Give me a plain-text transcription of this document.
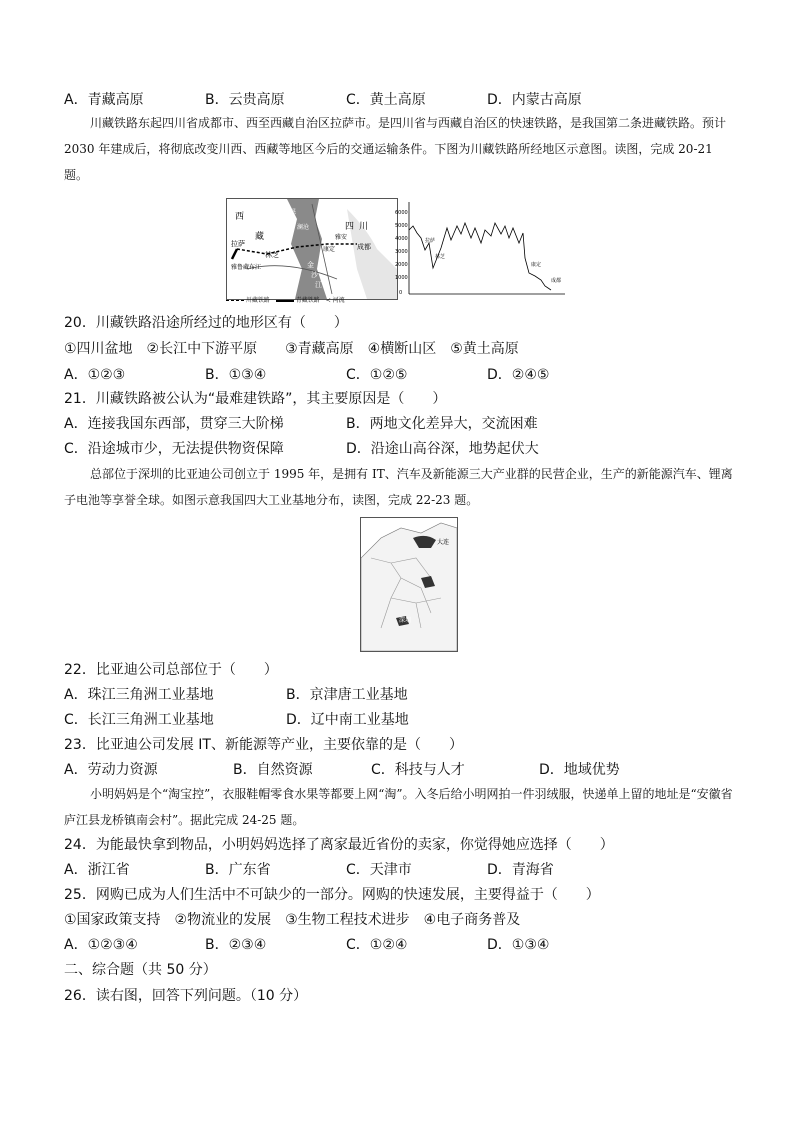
A．青藏高原	B．云贵高原	C．黄土高原	D．内蒙古高原
川藏铁路东起四川省成都市、西至西藏自治区拉萨市。是四川省与西藏自治区的快速铁路，是我国第二条进藏铁路。预计 2030 年建成后，将彻底改变川西、西藏等地区今后的交通运输条件。下图为川藏铁路所经地区示意图。读图，完成 20-21 题。
西
藏
拉萨
雅鲁藏布江
林芝
四 川
成都
雅安
康定
怒
澜沧
金
沙
江
川藏铁路	青藏铁路 ≺ 河流
6000
5000
4000
3000
2000
1000
0
拉萨
林芝
康定
成都
20．川藏铁路沿途所经过的地形区有（　　）
①四川盆地　②长江中下游平原　　③青藏高原　④横断山区　⑤黄土高原
A．①②③	B．①③④	C．①②⑤	D．②④⑤
21．川藏铁路被公认为“最难建铁路”，其主要原因是（　　）
A．连接我国东西部，贯穿三大阶梯	B．两地文化差异大，交流困难
C．沿途城市少，无法提供物资保障	D．沿途山高谷深，地势起伏大
总部位于深圳的比亚迪公司创立于 1995 年，是拥有 IT、汽车及新能源三大产业群的民营企业，生产的新能源汽车、锂离子电池等享誉全球。如图示意我国四大工业基地分布，读图，完成 22-23 题。
大连
深圳
22．比亚迪公司总部位于（　　）
A．珠江三角洲工业基地	B．京津唐工业基地
C．长江三角洲工业基地	D．辽中南工业基地
23．比亚迪公司发展 IT、新能源等产业，主要依靠的是（　　）
A．劳动力资源	B．自然资源	C．科技与人才	D．地域优势
小明妈妈是个“淘宝控”，衣服鞋帽零食水果等都要上网“淘”。入冬后给小明网拍一件羽绒服，快递单上留的地址是“安徽省庐江县龙桥镇南会村”。据此完成 24-25 题。
24．为能最快拿到物品，小明妈妈选择了离家最近省份的卖家，你觉得她应选择（　　）
A．浙江省	B．广东省	C．天津市	D．青海省
25．网购已成为人们生活中不可缺少的一部分。网购的快速发展，主要得益于（　　）
①国家政策支持　②物流业的发展　③生物工程技术进步　④电子商务普及
A．①②③④	B．②③④	C．①②④	D．①③④
二、综合题（共 50 分）
26．读右图，回答下列问题。（10 分）
